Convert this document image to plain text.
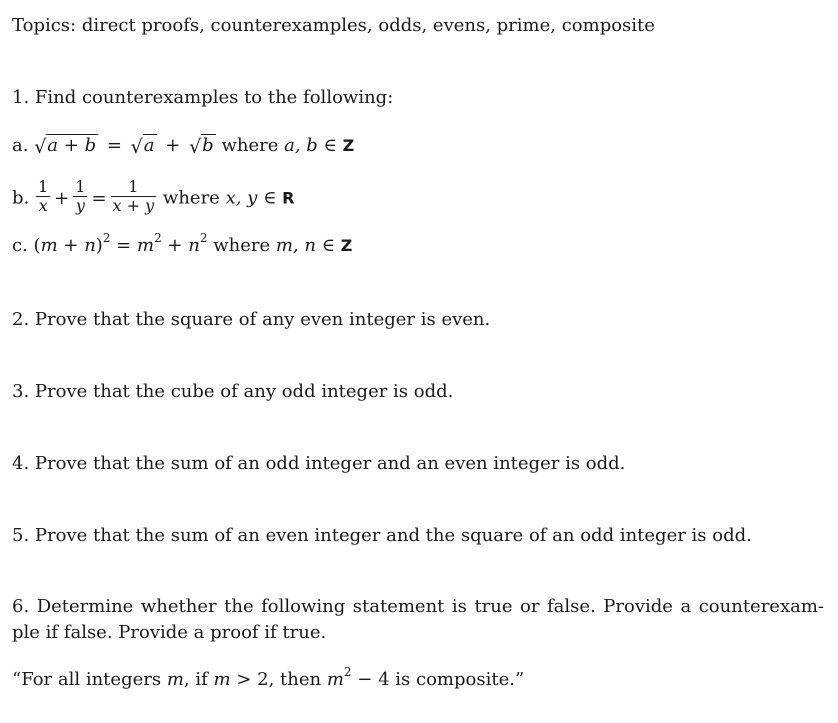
Topics: direct proofs, counterexamples, odds, evens, prime, composite
1. Find counterexamples to the following:
a. √a + b = √a + √b where a, b ∈ Z
b. $\frac{1}{x} + \frac{1}{y} = \frac{1}{x + y}$ where x, y ∈ R
c. $(m + n)^2 = m^2 + n^2$ where m, n ∈ Z
2. Prove that the square of any even integer is even.
3. Prove that the cube of any odd integer is odd.
4. Prove that the sum of an odd integer and an even integer is odd.
5. Prove that the sum of an even integer and the square of an odd integer is odd.
6. Determine whether the following statement is true or false. Provide a counterexam-ple if false. Provide a proof if true.
“For all integers m, if m > 2, then $m^2 - 4$ is composite.”
